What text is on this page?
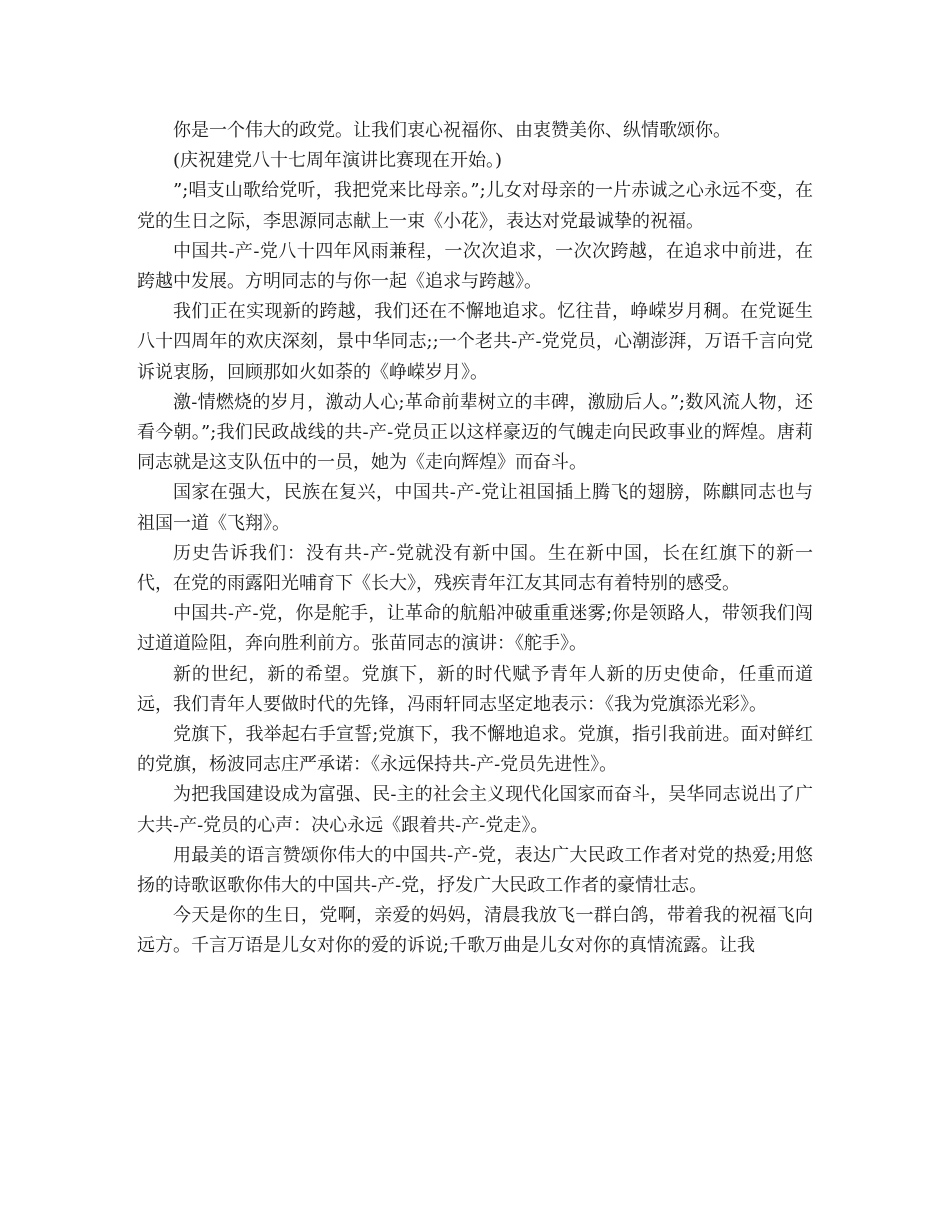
你是一个伟大的政党。让我们衷心祝福你、由衷赞美你、纵情歌颂你。

(庆祝建党八十七周年演讲比赛现在开始。)

”;唱支山歌给党听，我把党来比母亲。”;儿女对母亲的一片赤诚之心永远不变，在党的生日之际，李思源同志献上一束《小花》，表达对党最诚挚的祝福。

中国共-产-党八十四年风雨兼程，一次次追求，一次次跨越，在追求中前进，在跨越中发展。方明同志的与你一起《追求与跨越》。

我们正在实现新的跨越，我们还在不懈地追求。忆往昔，峥嵘岁月稠。在党诞生八十四周年的欢庆深刻，景中华同志;;一个老共-产-党党员，心潮澎湃，万语千言向党诉说衷肠，回顾那如火如荼的《峥嵘岁月》。

激-情燃烧的岁月，激动人心;革命前辈树立的丰碑，激励后人。”;数风流人物，还看今朝。”;我们民政战线的共-产-党员正以这样豪迈的气魄走向民政事业的辉煌。唐莉同志就是这支队伍中的一员，她为《走向辉煌》而奋斗。

国家在强大，民族在复兴，中国共-产-党让祖国插上腾飞的翅膀，陈麒同志也与祖国一道《飞翔》。

历史告诉我们：没有共-产-党就没有新中国。生在新中国，长在红旗下的新一代，在党的雨露阳光哺育下《长大》，残疾青年江友其同志有着特别的感受。

中国共-产-党，你是舵手，让革命的航船冲破重重迷雾;你是领路人，带领我们闯过道道险阻，奔向胜利前方。张苗同志的演讲：《舵手》。

新的世纪，新的希望。党旗下，新的时代赋予青年人新的历史使命，任重而道远，我们青年人要做时代的先锋，冯雨轩同志坚定地表示：《我为党旗添光彩》。

党旗下，我举起右手宣誓;党旗下，我不懈地追求。党旗，指引我前进。面对鲜红的党旗，杨波同志庄严承诺：《永远保持共-产-党员先进性》。

为把我国建设成为富强、民-主的社会主义现代化国家而奋斗，吴华同志说出了广大共-产-党员的心声：决心永远《跟着共-产-党走》。

用最美的语言赞颂你伟大的中国共-产-党，表达广大民政工作者对党的热爱;用悠扬的诗歌讴歌你伟大的中国共-产-党，抒发广大民政工作者的豪情壮志。

今天是你的生日，党啊，亲爱的妈妈，清晨我放飞一群白鸽，带着我的祝福飞向远方。千言万语是儿女对你的爱的诉说;千歌万曲是儿女对你的真情流露。让我
